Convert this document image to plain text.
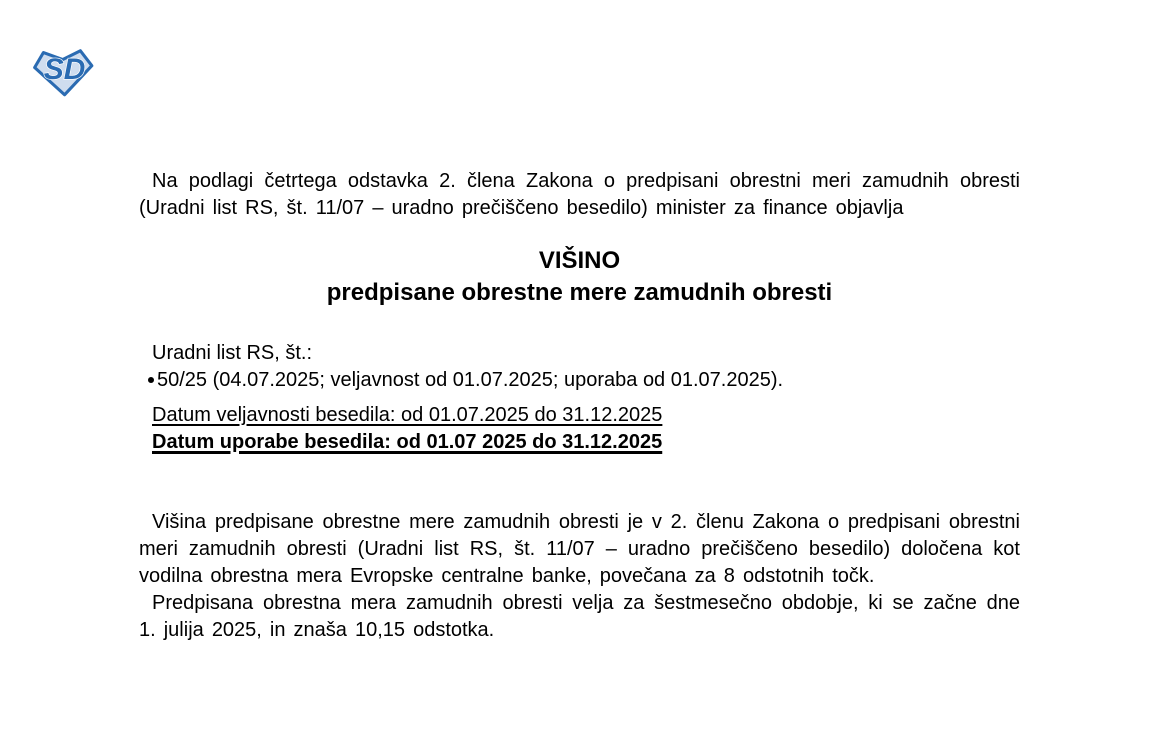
SD

Na podlagi četrtega odstavka 2. člena Zakona o predpisani obrestni meri zamudnih obresti (Uradni list RS, št. 11/07 – uradno prečiščeno besedilo) minister za finance objavlja

VIŠINO
predpisane obrestne mere zamudnih obresti
Uradni list RS, št.:
50/25 (04.07.2025; veljavnost od 01.07.2025; uporaba od 01.07.2025).
Datum veljavnosti besedila: od 01.07.2025 do 31.12.2025
Datum uporabe besedila: od 01.07 2025 do 31.12.2025

Višina predpisane obrestne mere zamudnih obresti je v 2. členu Zakona o predpisani obrestni meri zamudnih obresti (Uradni list RS, št. 11/07 – uradno prečiščeno besedilo) določena kot vodilna obrestna mera Evropske centralne banke, povečana za 8 odstotnih točk.

Predpisana obrestna mera zamudnih obresti velja za šestmesečno obdobje, ki se začne dne 1. julija 2025, in znaša 10,15 odstotka.
